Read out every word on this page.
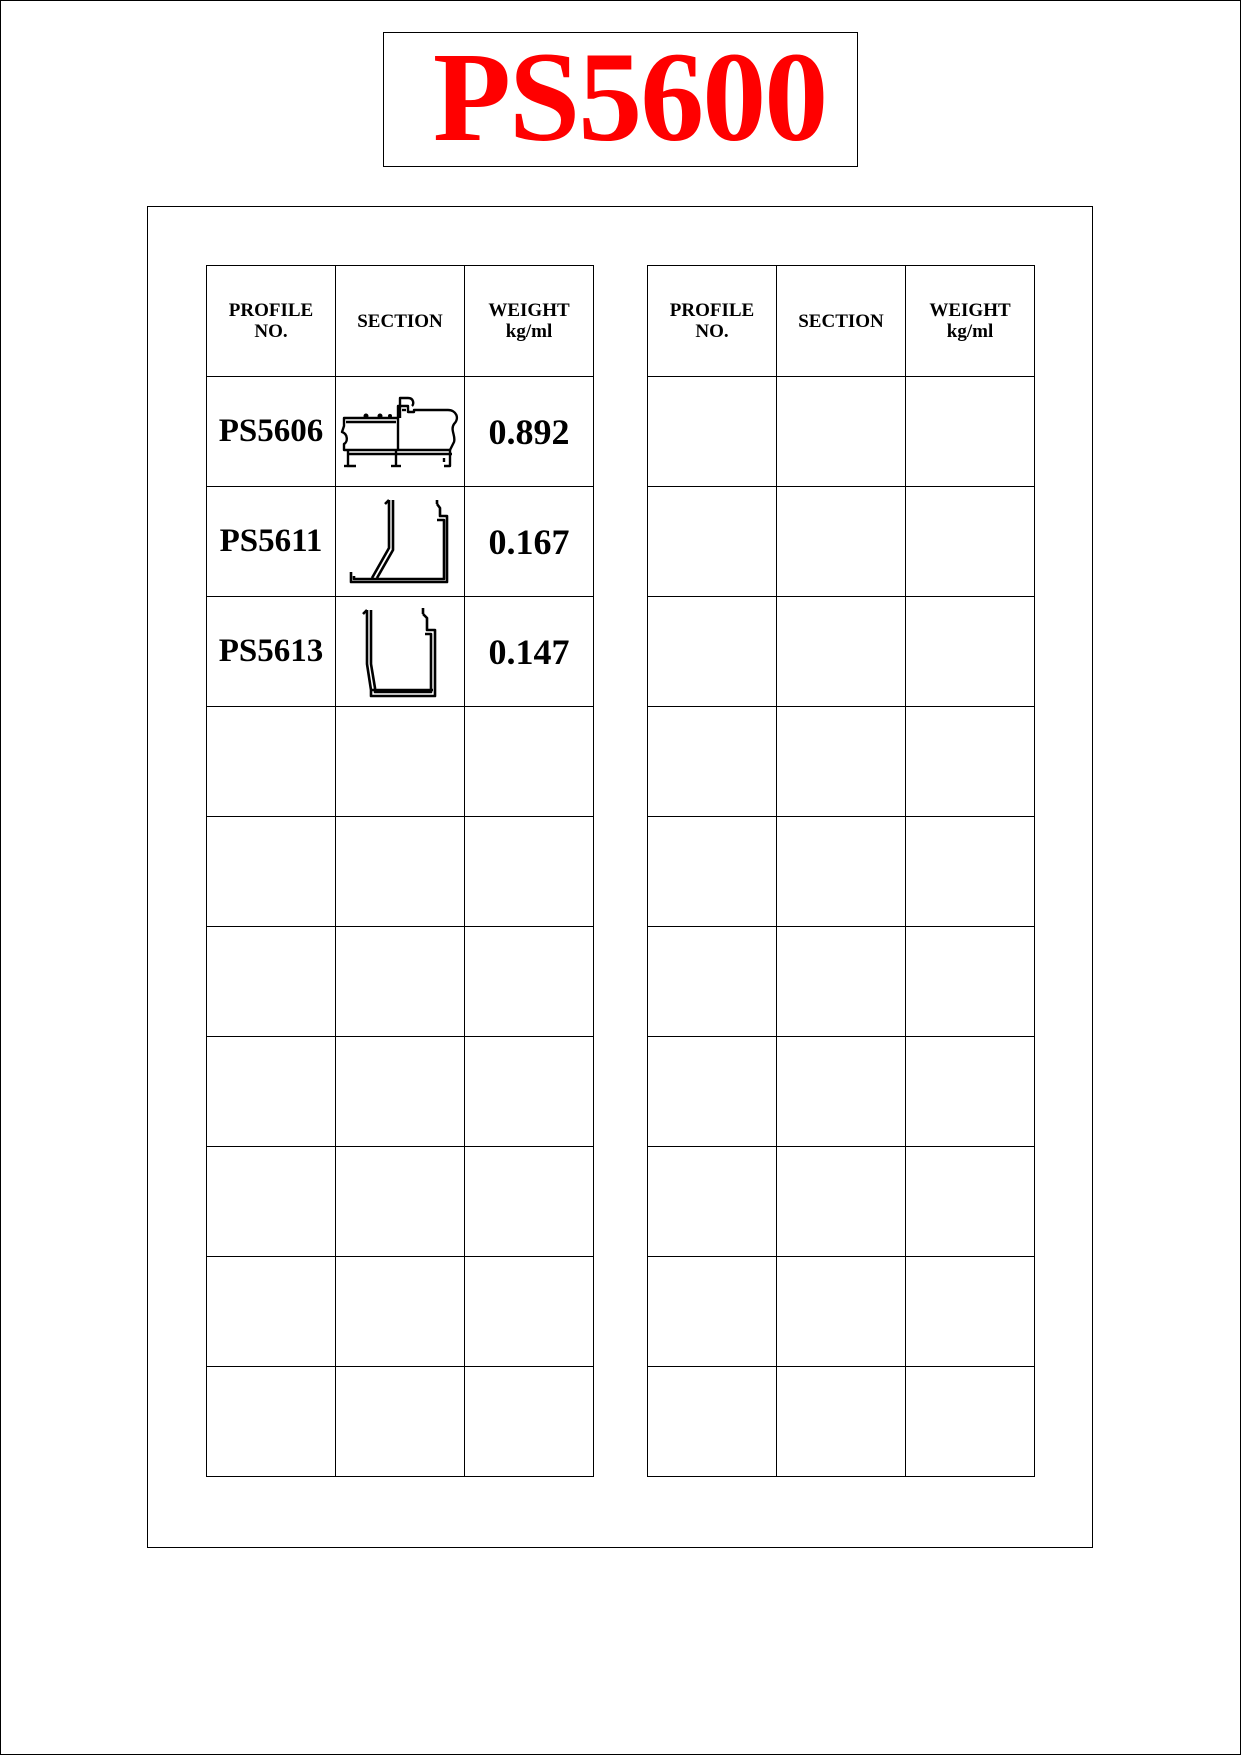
PS5600
PROFILE
NO.	SECTION	WEIGHT
kg/ml

PS5606		0.892
PS5611		0.167
PS5613		0.147

PROFILE
NO.	SECTION	WEIGHT
kg/ml
